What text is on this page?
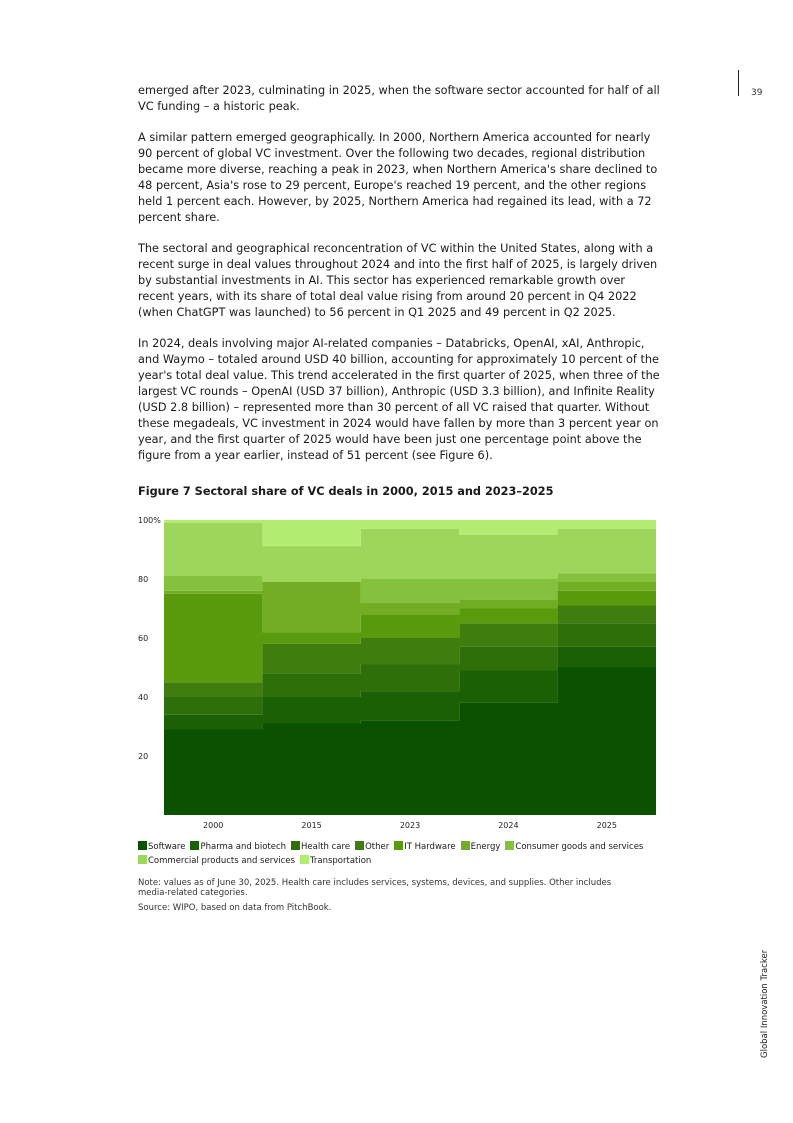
39

emerged after 2023, culminating in 2025, when the software sector accounted for half of all VC funding – a historic peak.

A similar pattern emerged geographically. In 2000, Northern America accounted for nearly 90 percent of global VC investment. Over the following two decades, regional distribution became more diverse, reaching a peak in 2023, when Northern America's share declined to 48 percent, Asia's rose to 29 percent, Europe's reached 19 percent, and the other regions held 1 percent each. However, by 2025, Northern America had regained its lead, with a 72 percent share.

The sectoral and geographical reconcentration of VC within the United States, along with a recent surge in deal values throughout 2024 and into the first half of 2025, is largely driven by substantial investments in AI. This sector has experienced remarkable growth over recent years, with its share of total deal value rising from around 20 percent in Q4 2022 (when ChatGPT was launched) to 56 percent in Q1 2025 and 49 percent in Q2 2025.

In 2024, deals involving major AI-related companies – Databricks, OpenAI, xAI, Anthropic, and Waymo – totaled around USD 40 billion, accounting for approximately 10 percent of the year's total deal value. This trend accelerated in the first quarter of 2025, when three of the largest VC rounds – OpenAI (USD 37 billion), Anthropic (USD 3.3 billion), and Infinite Reality (USD 2.8 billion) – represented more than 30 percent of all VC raised that quarter. Without these megadeals, VC investment in 2024 would have fallen by more than 3 percent year on year, and the first quarter of 2025 would have been just one percentage point above the figure from a year earlier, instead of 51 percent (see Figure 6).

Figure 7 Sectoral share of VC deals in 2000, 2015 and 2023–2025
20
40
60
80
100%
2000	2015	2023	2024	2025
Software Pharma and biotech Health care Other IT Hardware Energy Consumer goods and servicesCommercial products and services Transportation

Note: values as of June 30, 2025. Health care includes services, systems, devices, and supplies. Other includes media-related categories.

Source: WIPO, based on data from PitchBook.

Global Innovation Tracker
